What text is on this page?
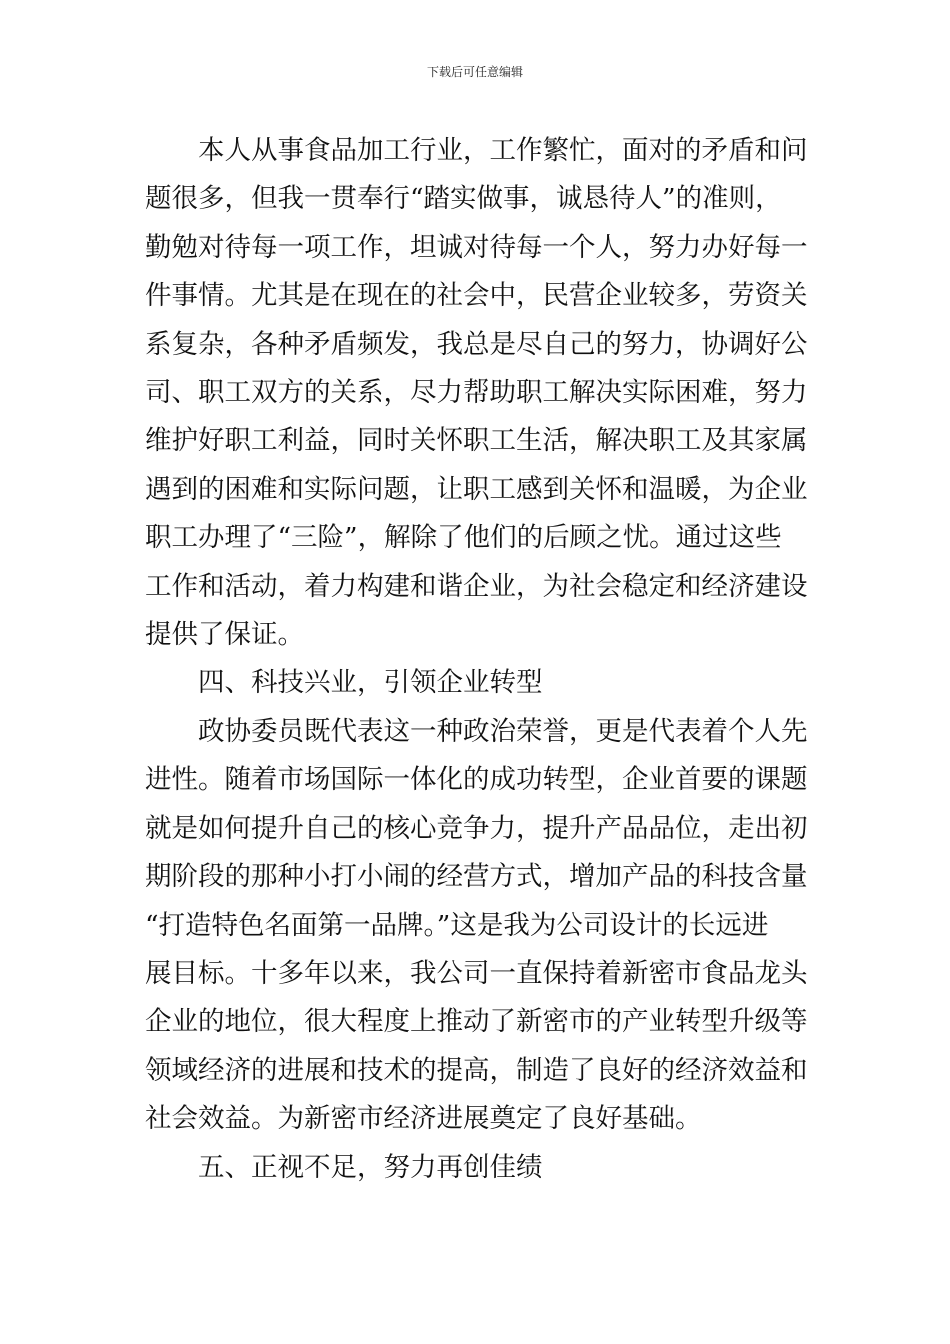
下载后可任意编辑

本人从事食品加工行业，工作繁忙，面对的矛盾和问
题很多，但我一贯奉行“踏实做事，诚恳待人”的准则，
勤勉对待每一项工作，坦诚对待每一个人，努力办好每一
件事情。尤其是在现在的社会中，民营企业较多，劳资关
系复杂，各种矛盾频发，我总是尽自己的努力，协调好公
司、职工双方的关系，尽力帮助职工解决实际困难，努力
维护好职工利益，同时关怀职工生活，解决职工及其家属
遇到的困难和实际问题，让职工感到关怀和温暖，为企业
职工办理了“三险”，解除了他们的后顾之忧。通过这些
工作和活动，着力构建和谐企业，为社会稳定和经济建设
提供了保证。

四、科技兴业，引领企业转型

政协委员既代表这一种政治荣誉，更是代表着个人先
进性。随着市场国际一体化的成功转型，企业首要的课题
就是如何提升自己的核心竞争力，提升产品品位，走出初
期阶段的那种小打小闹的经营方式，增加产品的科技含量
“打造特色名面第一品牌。”这是我为公司设计的长远进
展目标。十多年以来，我公司一直保持着新密市食品龙头
企业的地位，很大程度上推动了新密市的产业转型升级等
领域经济的进展和技术的提高，制造了良好的经济效益和
社会效益。为新密市经济进展奠定了良好基础。

五、正视不足，努力再创佳绩
